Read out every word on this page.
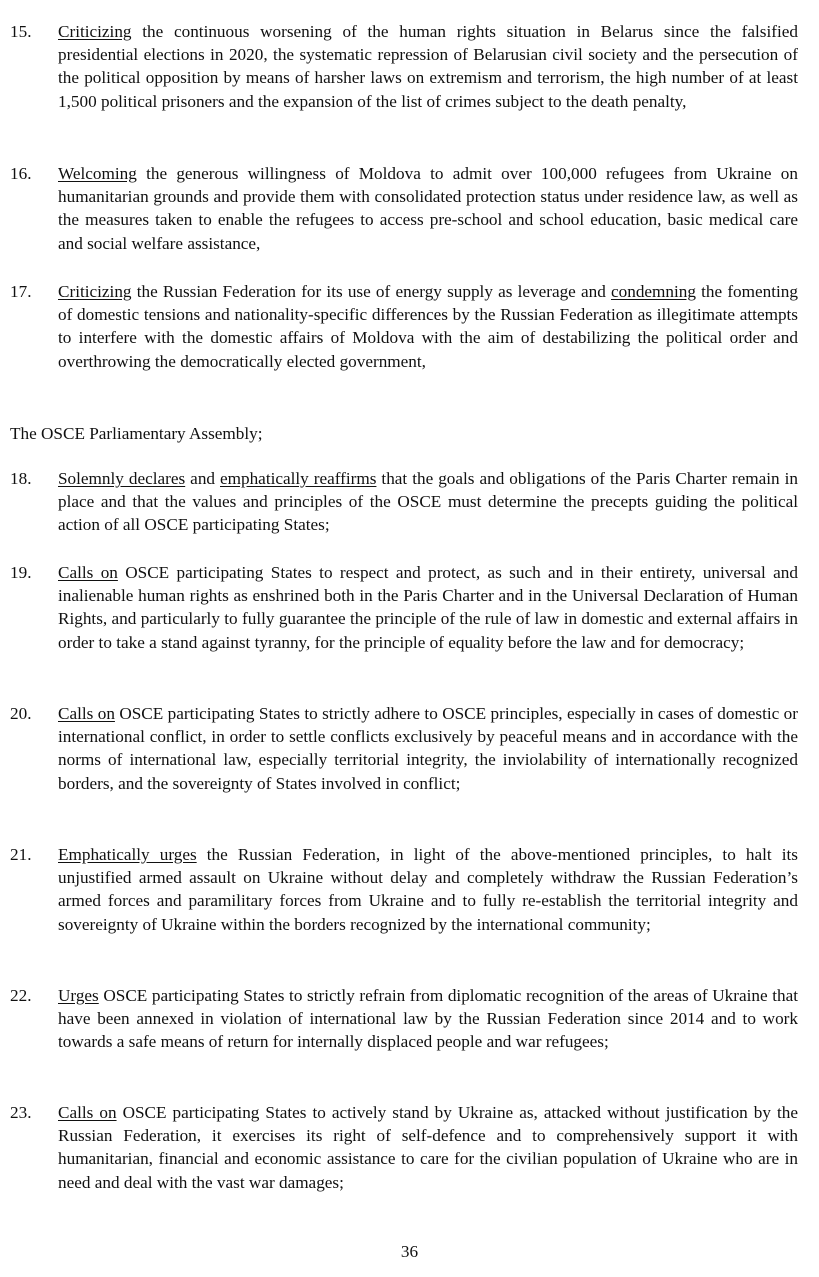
15.	Criticizing the continuous worsening of the human rights situation in Belarus since the falsified presidential elections in 2020, the systematic repression of Belarusian civil society and the persecution of the political opposition by means of harsher laws on extremism and terrorism, the high number of at least 1,500 political prisoners and the expansion of the list of crimes subject to the death penalty,
16.	Welcoming the generous willingness of Moldova to admit over 100,000 refugees from Ukraine on humanitarian grounds and provide them with consolidated protection status under residence law, as well as the measures taken to enable the refugees to access pre-school and school education, basic medical care and social welfare assistance,
17.	Criticizing the Russian Federation for its use of energy supply as leverage and condemning the fomenting of domestic tensions and nationality-specific differences by the Russian Federation as illegitimate attempts to interfere with the domestic affairs of Moldova with the aim of destabilizing the political order and overthrowing the democratically elected government,
The OSCE Parliamentary Assembly;
18.	Solemnly declares and emphatically reaffirms that the goals and obligations of the Paris Charter remain in place and that the values and principles of the OSCE must determine the precepts guiding the political action of all OSCE participating States;
19.	Calls on OSCE participating States to respect and protect, as such and in their entirety, universal and inalienable human rights as enshrined both in the Paris Charter and in the Universal Declaration of Human Rights, and particularly to fully guarantee the principle of the rule of law in domestic and external affairs in order to take a stand against tyranny, for the principle of equality before the law and for democracy;
20.	Calls on OSCE participating States to strictly adhere to OSCE principles, especially in cases of domestic or international conflict, in order to settle conflicts exclusively by peaceful means and in accordance with the norms of international law, especially territorial integrity, the inviolability of internationally recognized borders, and the sovereignty of States involved in conflict;
21.	Emphatically urges the Russian Federation, in light of the above-mentioned principles, to halt its unjustified armed assault on Ukraine without delay and completely withdraw the Russian Federation’s armed forces and paramilitary forces from Ukraine and to fully re-establish the territorial integrity and sovereignty of Ukraine within the borders recognized by the international community;
22.	Urges OSCE participating States to strictly refrain from diplomatic recognition of the areas of Ukraine that have been annexed in violation of international law by the Russian Federation since 2014 and to work towards a safe means of return for internally displaced people and war refugees;
23.	Calls on OSCE participating States to actively stand by Ukraine as, attacked without justification by the Russian Federation, it exercises its right of self-defence and to comprehensively support it with humanitarian, financial and economic assistance to care for the civilian population of Ukraine who are in need and deal with the vast war damages;
36
